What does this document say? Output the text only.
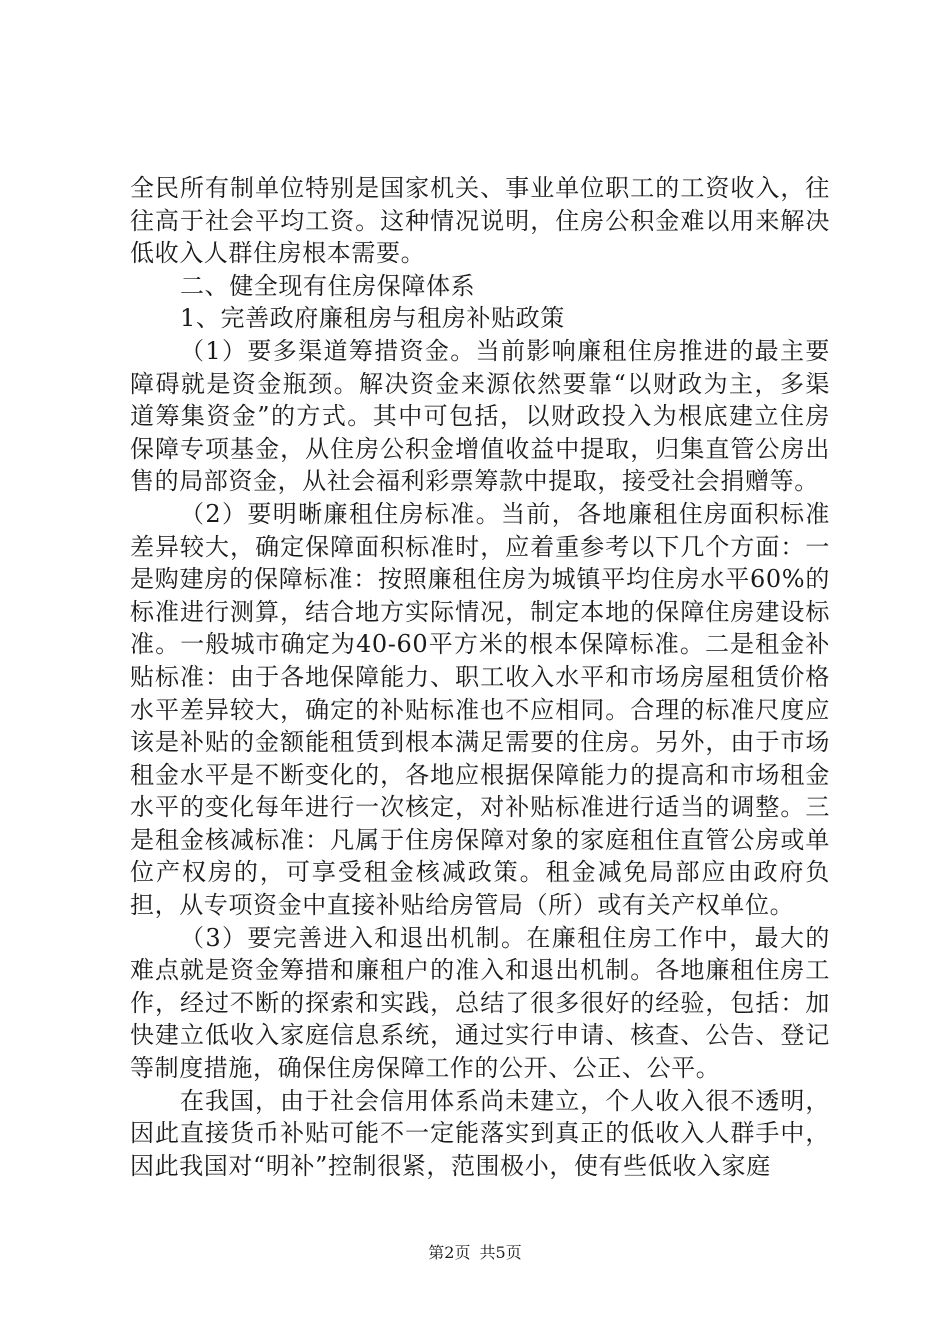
全民所有制单位特别是国家机关、事业单位职工的工资收入，往往高于社会平均工资。这种情况说明，住房公积金难以用来解决低收入人群住房根本需要。

二、健全现有住房保障体系

1、完善政府廉租房与租房补贴政策

（1）要多渠道筹措资金。当前影响廉租住房推进的最主要障碍就是资金瓶颈。解决资金来源依然要靠“以财政为主，多渠道筹集资金”的方式。其中可包括，以财政投入为根底建立住房保障专项基金，从住房公积金增值收益中提取，归集直管公房出售的局部资金，从社会福利彩票筹款中提取，接受社会捐赠等。

（2）要明晰廉租住房标准。当前，各地廉租住房面积标准差异较大，确定保障面积标准时，应着重参考以下几个方面：一是购建房的保障标准：按照廉租住房为城镇平均住房水平60%的标准进行测算，结合地方实际情况，制定本地的保障住房建设标准。一般城市确定为40-60平方米的根本保障标准。二是租金补贴标准：由于各地保障能力、职工收入水平和市场房屋租赁价格水平差异较大，确定的补贴标准也不应相同。合理的标准尺度应该是补贴的金额能租赁到根本满足需要的住房。另外，由于市场租金水平是不断变化的，各地应根据保障能力的提高和市场租金水平的变化每年进行一次核定，对补贴标准进行适当的调整。三是租金核减标准：凡属于住房保障对象的家庭租住直管公房或单位产权房的，可享受租金核减政策。租金减免局部应由政府负担，从专项资金中直接补贴给房管局（所）或有关产权单位。

（3）要完善进入和退出机制。在廉租住房工作中，最大的难点就是资金筹措和廉租户的准入和退出机制。各地廉租住房工作，经过不断的探索和实践，总结了很多很好的经验，包括：加快建立低收入家庭信息系统，通过实行申请、核查、公告、登记等制度措施，确保住房保障工作的公开、公正、公平。

在我国，由于社会信用体系尚未建立，个人收入很不透明，因此直接货币补贴可能不一定能落实到真正的低收入人群手中，因此我国对“明补”控制很紧，范围极小，使有些低收入家庭

第2页 共5页
